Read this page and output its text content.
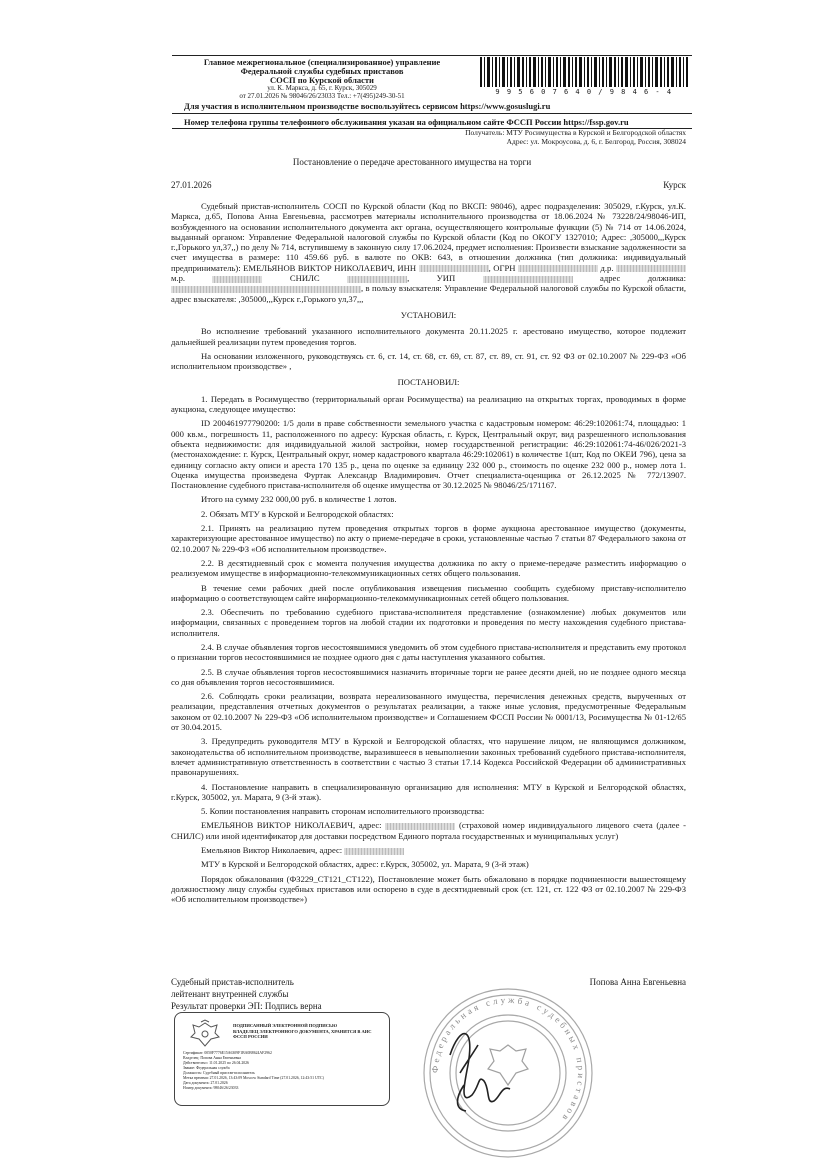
Главное межрегиональное (специализированное) управление
Федеральной службы судебных приставов
СОСП по Курской области
ул. К. Маркса, д. 65, г. Курск, 305029
от 27.01.2026 № 98046/26/23033 Тел.: +7(495)249-30-51	9 9 5 6 0 7 6 4 0 / 9 8 4 6 - 4
Для участия в исполнительном производстве воспользуйтесь сервисом https://www.gosuslugi.ru
Номер телефона группы телефонного обслуживания указан на официальном сайте ФССП России https://fssp.gov.ru
Получатель: МТУ Росимущества в Курской и Белгородской областях
Адрес: ул. Мокроусова, д. 6, г. Белгород, Россия, 308024
Постановление о передаче арестованного имущества на торги
27.01.2026	Курск

Судебный пристав-исполнитель СОСП по Курской области (Код по ВКСП: 98046), адрес подразделения: 305029, г.Курск, ул.К. Маркса, д.65, Попова Анна Евгеньевна, рассмотрев материалы исполнительного производства от 18.06.2024 № 73228/24/98046-ИП, возбужденного на основании исполнительного документа акт органа, осуществляющего контрольные функции (5) № 714 от 14.06.2024, выданный органом: Управление Федеральной налоговой службы по Курской области (Код по ОКОГУ 1327010; Адрес: ,305000,,,Курск г.,Горького ул,37,,) по делу № 714, вступившему в законную силу 17.06.2024, предмет исполнения: Произвести взыскание задолженности за счет имущества в размере: 110 459.66 руб. в валюте по ОКВ: 643, в отношении должника (тип должника: индивидуальный предприниматель): ЕМЕЛЬЯНОВ ВИКТОР НИКОЛАЕВИЧ, ИНН	, ОГРН	д.р.  м.р.	СНИЛС	, УИП	адрес должника: , в пользу взыскателя: Управление Федеральной налоговой службы по Курской области, адрес взыскателя: ,305000,,,Курск г.,Горького ул,37,,,

УСТАНОВИЛ:

Во исполнение требований указанного исполнительного документа 20.11.2025 г. арестовано имущество, которое подлежит дальнейшей реализации путем проведения торгов.

На основании изложенного, руководствуясь ст. 6, ст. 14, ст. 68, ст. 69, ст. 87, ст. 89, ст. 91, ст. 92 ФЗ от 02.10.2007 № 229-ФЗ «Об исполнительном производстве» ,

ПОСТАНОВИЛ:

1. Передать в Росимущество (территориальный орган Росимущества) на реализацию на открытых торгах, проводимых в форме аукциона, следующее имущество:

ID 200461977790200: 1/5 доли в праве собственности земельного участка с кадастровым номером: 46:29:102061:74, площадью: 1 000 кв.м., погрешность 11, расположенного по адресу: Курская область, г. Курск, Центральный округ, вид разрешенного использования объекта недвижимости: для индивидуальной жилой застройки, номер государственной регистрации: 46:29:102061:74-46/026/2021-3 (местонахождение: г. Курск, Центральный округ, номер кадастрового квартала 46:29:102061) в количестве 1(шт, Код по ОКЕИ 796), цена за единицу согласно акту описи и ареста 170 135 р., цена по оценке за единицу 232 000 р., стоимость по оценке 232 000 р., номер лота 1. Оценка имущества произведена Фуртак Александр Владимирович. Отчет специалиста-оценщика от 26.12.2025 № 772/13907. Постановление судебного пристава-исполнителя об оценке имущества от 30.12.2025 № 98046/25/171167.

Итого на сумму 232 000,00 руб. в количестве 1 лотов.

2. Обязать МТУ в Курской и Белгородской областях:

2.1. Принять на реализацию путем проведения открытых торгов в форме аукциона арестованное имущество (документы, характеризующие арестованное имущество) по акту о приеме-передаче в сроки, установленные частью 7 статьи 87 Федерального закона от 02.10.2007 № 229-ФЗ «Об исполнительном производстве».

2.2. В десятидневный срок с момента получения имущества должника по акту о приеме-передаче разместить информацию о реализуемом имуществе в информационно-телекоммуникационных сетях общего пользования.

В течение семи рабочих дней после опубликования извещения письменно сообщить судебному приставу-исполнителю информацию о соответствующем сайте информационно-телекоммуникационных сетей общего пользования.

2.3. Обеспечить по требованию судебного пристава-исполнителя представление (ознакомление) любых документов или информации, связанных с проведением торгов на любой стадии их подготовки и проведения по месту нахождения судебного пристава-исполнителя.

2.4. В случае объявления торгов несостоявшимися уведомить об этом судебного пристава-исполнителя и представить ему протокол о признании торгов несостоявшимися не позднее одного дня с даты наступления указанного события.

2.5. В случае объявления торгов несостоявшимися назначить вторичные торги не ранее десяти дней, но не позднее одного месяца со дня объявления торгов несостоявшимися.

2.6. Соблюдать сроки реализации, возврата нереализованного имущества, перечисления денежных средств, вырученных от реализации, представления отчетных документов о результатах реализации, а также иные условия, предусмотренные Федеральным законом от 02.10.2007 № 229-ФЗ «Об исполнительном производстве» и Соглашением ФССП России № 0001/13, Росимущества № 01-12/65 от 30.04.2015.

3. Предупредить руководителя МТУ в Курской и Белгородской областях, что нарушение лицом, не являющимся должником, законодательства об исполнительном производстве, выразившееся в невыполнении законных требований судебного пристава-исполнителя, влечет административную ответственность в соответствии с частью 3 статьи 17.14 Кодекса Российской Федерации об административных правонарушениях.

4. Постановление направить в специализированную организацию для исполнения: МТУ в Курской и Белгородской областях, г.Курск, 305002, ул. Марата, 9 (3-й этаж).

5. Копии постановления направить сторонам исполнительного производства:

ЕМЕЛЬЯНОВ ВИКТОР НИКОЛАЕВИЧ, адрес:	(страховой номер индивидуального лицевого счета (далее - СНИЛС) или иной идентификатор для доставки посредством Единого портала государственных и муниципальных услуг)

Емельянов Виктор Николаевич, адрес:

МТУ в Курской и Белгородской областях, адрес: г.Курск, 305002, ул. Марата, 9 (3-й этаж)

Порядок обжалования (ФЗ229_СТ121_СТ122), Постановление может быть обжаловано в порядке подчиненности вышестоящему должностному лицу службы судебных приставов или оспорено в суде в десятидневный срок (ст. 121, ст. 122 ФЗ от 02.10.2007 № 229-ФЗ «Об исполнительном производстве»)

Судебный пристав-исполнитель
лейтенант внутренней службы
Результат проверки ЭП: Подпись верна
Попова Анна Евгеньевна
ПОДПИСАННЫЙ ЭЛЕКТРОННОЙ ПОДПИСЬЮ
ВЛАДЕЛЕЦ ЭЛЕКТРОННОГО ДОКУМЕНТА, ХРАНИТСЯ В АИС ФССП РОССИИ
Сертификат: 0050F7776E15A6309F1BA0B8624AF2962
Владелец: Попова Анна Евгеньевна
Действителен с 11.01.2025 по 26.04.2026
Звание: Федеральная служба
Должность: Судебный пристав-исполнитель
Метка времени: 27.01.2026, 13:43:09 Moscow Standard Time (27.01.2026, 12:43:51 UTC)
Дата документа: 27.01.2026
Номер документа: 98046/26/23033
Федеральная служба судебных приставов
